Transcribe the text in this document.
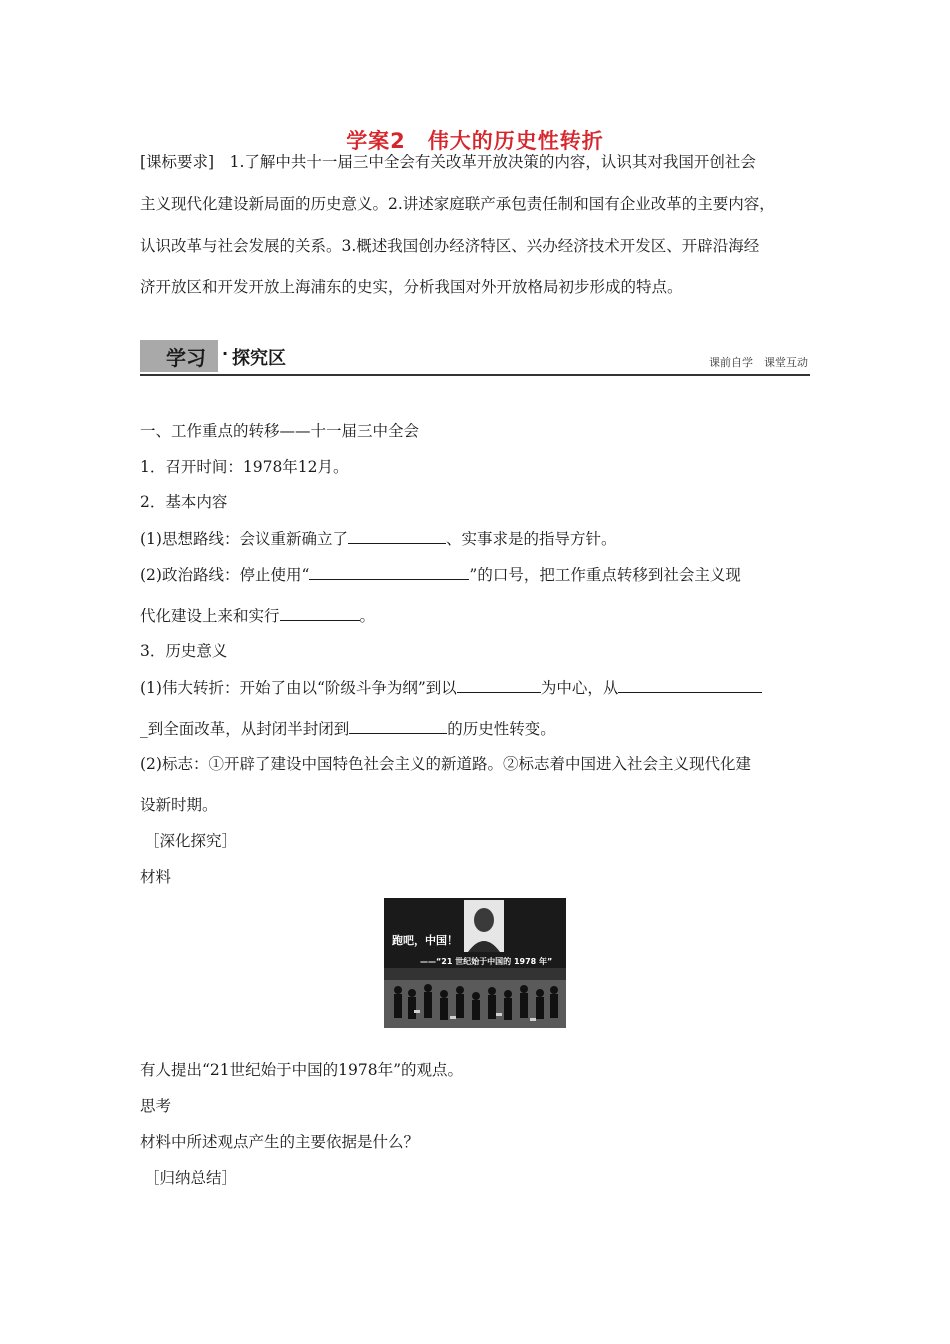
学案2　伟大的历史性转折
[课标要求]　1.了解中共十一届三中全会有关改革开放决策的内容，认识其对我国开创社会
主义现代化建设新局面的历史意义。2.讲述家庭联产承包责任制和国有企业改革的主要内容，
认识改革与社会发展的关系。3.概述我国创办经济特区、兴办经济技术开发区、开辟沿海经
济开放区和开发开放上海浦东的史实，分析我国对外开放格局初步形成的特点。
学习 · 探究区	课前自学　课堂互动
一、工作重点的转移——十一届三中全会
1．召开时间：1978年12月。
2．基本内容
(1)思想路线：会议重新确立了	、实事求是的指导方针。
(2)政治路线：停止使用“	”的口号，把工作重点转移到社会主义现
代化建设上来和实行	。
3．历史意义
(1)伟大转折：开始了由以“阶级斗争为纲”到以	为中心，从
_到全面改革，从封闭半封闭到	的历史性转变。
(2)标志：①开辟了建设中国特色社会主义的新道路。②标志着中国进入社会主义现代化建
设新时期。
［深化探究］
材料
跑吧，中国！
——“21 世纪始于中国的 1978 年”
有人提出“21世纪始于中国的1978年”的观点。
思考
材料中所述观点产生的主要依据是什么？
［归纳总结］
